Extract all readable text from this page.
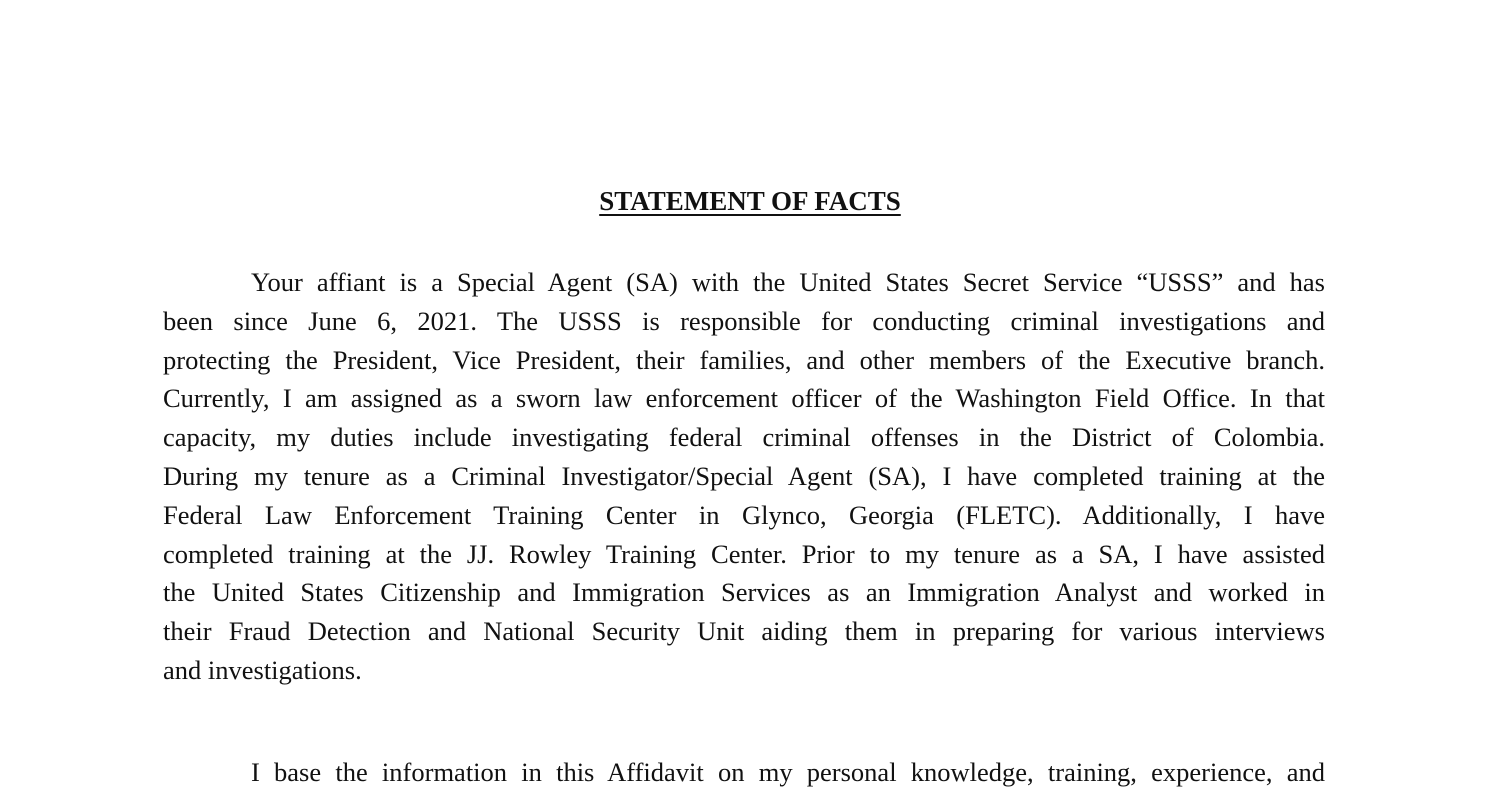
STATEMENT OF FACTS
Your affiant is a Special Agent (SA) with the United States Secret Service “USSS” and has
been since June 6, 2021. The USSS is responsible for conducting criminal investigations and
protecting the President, Vice President, their families, and other members of the Executive branch.
Currently, I am assigned as a sworn law enforcement officer of the Washington Field Office. In that
capacity, my duties include investigating federal criminal offenses in the District of Colombia.
During my tenure as a Criminal Investigator/Special Agent (SA), I have completed training at the
Federal Law Enforcement Training Center in Glynco, Georgia (FLETC). Additionally, I have
completed training at the JJ. Rowley Training Center. Prior to my tenure as a SA, I have assisted
the United States Citizenship and Immigration Services as an Immigration Analyst and worked in
their Fraud Detection and National Security Unit aiding them in preparing for various interviews
and investigations.
I base the information in this Affidavit on my personal knowledge, training, experience, and
